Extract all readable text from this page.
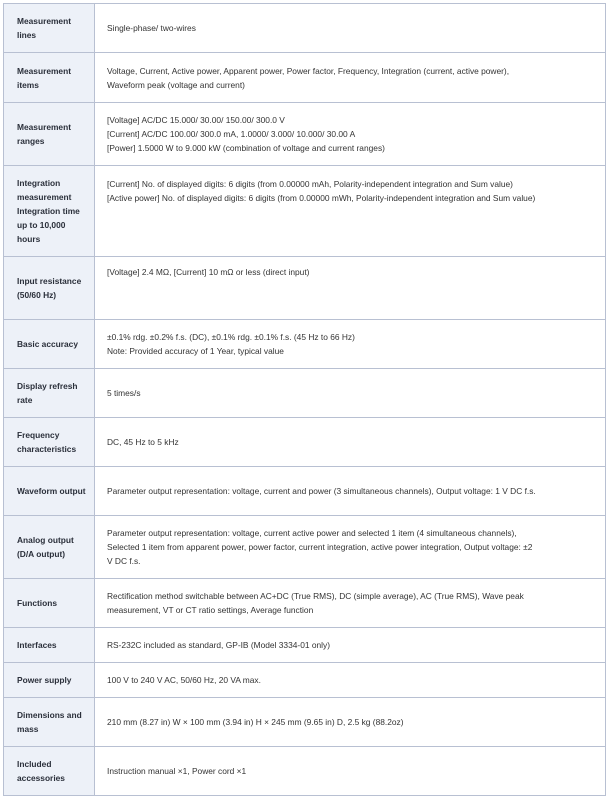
Measurement lines	Single-phase/ two-wires

Measurement items	Voltage, Current, Active power, Apparent power, Power factor, Frequency, Integration (current, active power),
Waveform peak (voltage and current)

Measurement ranges	[Voltage] AC/DC 15.000/ 30.00/ 150.00/ 300.0 V
[Current] AC/DC 100.00/ 300.0 mA, 1.0000/ 3.000/ 10.000/ 30.00 A
[Power] 1.5000 W to 9.000 kW (combination of voltage and current ranges)

Integration measurement Integration time up to 10,000 hours	[Current] No. of displayed digits: 6 digits (from 0.00000 mAh, Polarity-independent integration and Sum value)
[Active power] No. of displayed digits: 6 digits (from 0.00000 mWh, Polarity-independent integration and Sum value)

Input resistance (50/60 Hz)	[Voltage] 2.4 MΩ, [Current] 10 mΩ or less (direct input)

Basic accuracy	±0.1% rdg. ±0.2% f.s. (DC), ±0.1% rdg. ±0.1% f.s. (45 Hz to 66 Hz)
Note: Provided accuracy of 1 Year, typical value

Display refresh rate	5 times/s

Frequency characteristics	DC, 45 Hz to 5 kHz

Waveform output	Parameter output representation: voltage, current and power (3 simultaneous channels), Output voltage: 1 V DC f.s.

Analog output (D/A output)	Parameter output representation: voltage, current active power and selected 1 item (4 simultaneous channels),
Selected 1 item from apparent power, power factor, current integration, active power integration, Output voltage: ±2
V DC f.s.

Functions	Rectification method switchable between AC+DC (True RMS), DC (simple average), AC (True RMS), Wave peak
measurement, VT or CT ratio settings, Average function

Interfaces	RS-232C included as standard, GP-IB (Model 3334-01 only)

Power supply	100 V to 240 V AC, 50/60 Hz, 20 VA max.

Dimensions and mass	210 mm (8.27 in) W × 100 mm (3.94 in) H × 245 mm (9.65 in) D, 2.5 kg (88.2oz)

Included accessories	Instruction manual ×1, Power cord ×1
